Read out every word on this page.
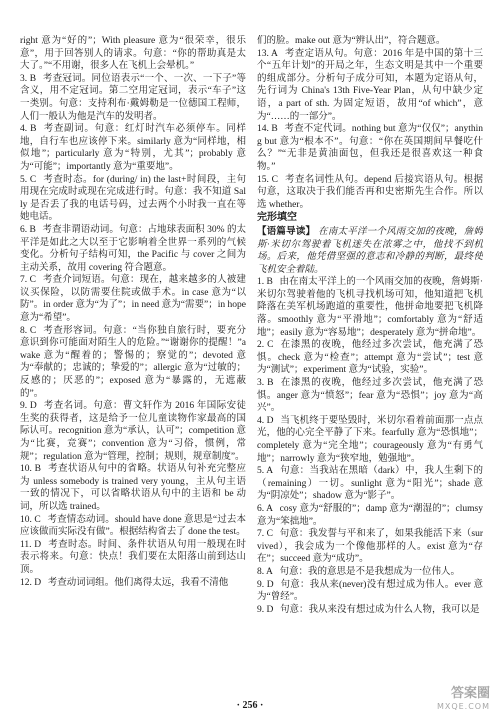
right 意为“好的”；With pleasure 意为“很荣幸，很乐意”，用于回答别人的请求。句意：“你的帮助真是太大了。”“不用谢，很多人在飞机上会晕机。”

3. B 考查冠词。同位语表示“一个、一次、一下子”等含义，用不定冠词。第二空用定冠词，表示“车子”这一类别。句意：支持利布·戴姆勒是一位德国工程师，人们一般认为他是汽车的发明者。

4. B 考查副词。句意：红灯时汽车必须停车。同样地，自行车也应该停下来。similarly 意为“同样地，相似地”；particularly 意为“特别，尤其”；probably 意为“可能”；importantly 意为“重要地”。

5. C 考查时态。for (during/ in) the last+时间段，主句用现在完成时或现在完成进行时。句意：我不知道 Sally 是否丢了我的电话号码，过去两个小时我一直在等她电话。

6. B 考查非谓语动词。句意：占地球表面积 30% 的太平洋是如此之大以至于它影响着全世界一系列的气候变化。分析句子结构可知，the Pacific 与 cover 之间为主动关系，故用 covering 符合题意。

7. C 考查介词短语。句意：现在，越来越多的人被建议买保险，以防需要住院或做手术。in case 意为“以防”。in order 意为“为了”；in need 意为“需要”；in hope 意为“希望”。

8. C 考查形容词。句意：“当你独自旅行时，要充分意识到你可能面对陌生人的危险。”“谢谢你的提醒！”awake 意为“醒着的；警惕的；察觉的”；devoted 意为“奉献的；忠诚的；挚爱的”；allergic 意为“过敏的；反感的；厌恶的”；exposed 意为“暴露的，无遮蔽的”。

9. D 考查名词。句意：曹文轩作为 2016 年国际安徒生奖的获得者，这是给予一位儿童读物作家最高的国际认可。recognition 意为“承认，认可”；competition 意为“比赛，竞赛”；convention 意为“习俗，惯例，常规”；regulation 意为“管理，控制；规则，规章制度”。

10. B 考查状语从句中的省略。状语从句补充完整应为 unless somebody is trained very young，主从句主语一致的情况下，可以省略状语从句中的主语和 be 动词，所以选 trained。

10. C 考查情态动词。should have done 意思是“过去本应该做而实际没有做”。根据结构省去了 done the test。

11. D 考查时态。时间、条件状语从句用一般现在时表示将来。句意：快点！我们要在太阳落山前到达山顶。

12. D 考查动词词组。他们离得太远，我看不清他

们的脸。make out 意为“辨认出”，符合题意。

13. A 考查定语从句。句意：2016 年是中国的第十三个“五年计划”的开局之年，生态文明是其中一个重要的组成部分。分析句子成分可知，本题为定语从句，先行词为 China's 13th Five-Year Plan，从句中缺少定语，a part of sth. 为固定短语，故用“of which”，意为“……的一部分”。

14. B 考查不定代词。nothing but 意为“仅仅”；anything but 意为“根本不”。句意：“你在英国期间早餐吃什么？”“无非是黄油面包，但我还是很喜欢这一种食物。”

15. C 考查名词性从句。depend 后接宾语从句。根据句意，这取决于我们能否再和史密斯先生合作。所以选 whether。

完形填空

【语篇导读】 在南太平洋一个风雨交加的夜晚，詹姆斯·米切尔驾驶着飞机迷失在浓雾之中，他找不到机场。后来，他凭借坚强的意志和冷静的判断，最终使飞机安全着陆。

1. B 由在南太平洋上的一个风雨交加的夜晚，詹姆斯·米切尔驾驶着他的飞机寻找机场可知，他知道把飞机降落在美军机场跑道的重要性，他拼命地要把飞机降落。smoothly 意为“平滑地”；comfortably 意为“舒适地”；easily 意为“容易地”；desperately 意为“拼命地”。

2. C 在漆黑的夜晚，他经过多次尝试，他充满了恐惧。check 意为“检查”；attempt 意为“尝试”；test 意为“测试”；experiment 意为“试验，实验”。

3. B 在漆黑的夜晚，他经过多次尝试，他充满了恐惧。anger 意为“愤怒”；fear 意为“恐惧”；joy 意为“高兴”。

4. D 当飞机终于要坠毁时，米切尔看着前面那一点点光，他的心完全平静了下来。fearfully 意为“恐惧地”；completely 意为“完全地”；courageously 意为“有勇气地”；narrowly 意为“狭窄地，勉强地”。

5. A 句意：当我站在黑暗（dark）中，我人生剩下的（remaining）一切。sunlight 意为“阳光”；shade 意为“阴凉处”；shadow 意为“影子”。

6. A cosy 意为“舒服的”；damp 意为“潮湿的”；clumsy 意为“笨拙地”。

7. C 句意：我发誓与平和来了，如果我能活下来（survived），我会成为一个像他那样的人。exist 意为“存在”；succeed 意为“成功”。

8. A 句意：我的意思是不是我想成为一位伟人。

9. D 句意：我从来(never)没有想过成为伟人。ever 意为“曾经”。

9. D 句意：我从来没有想过成为什么人物，我可以是

· 256 ·
答案圈
MXQE.COM
